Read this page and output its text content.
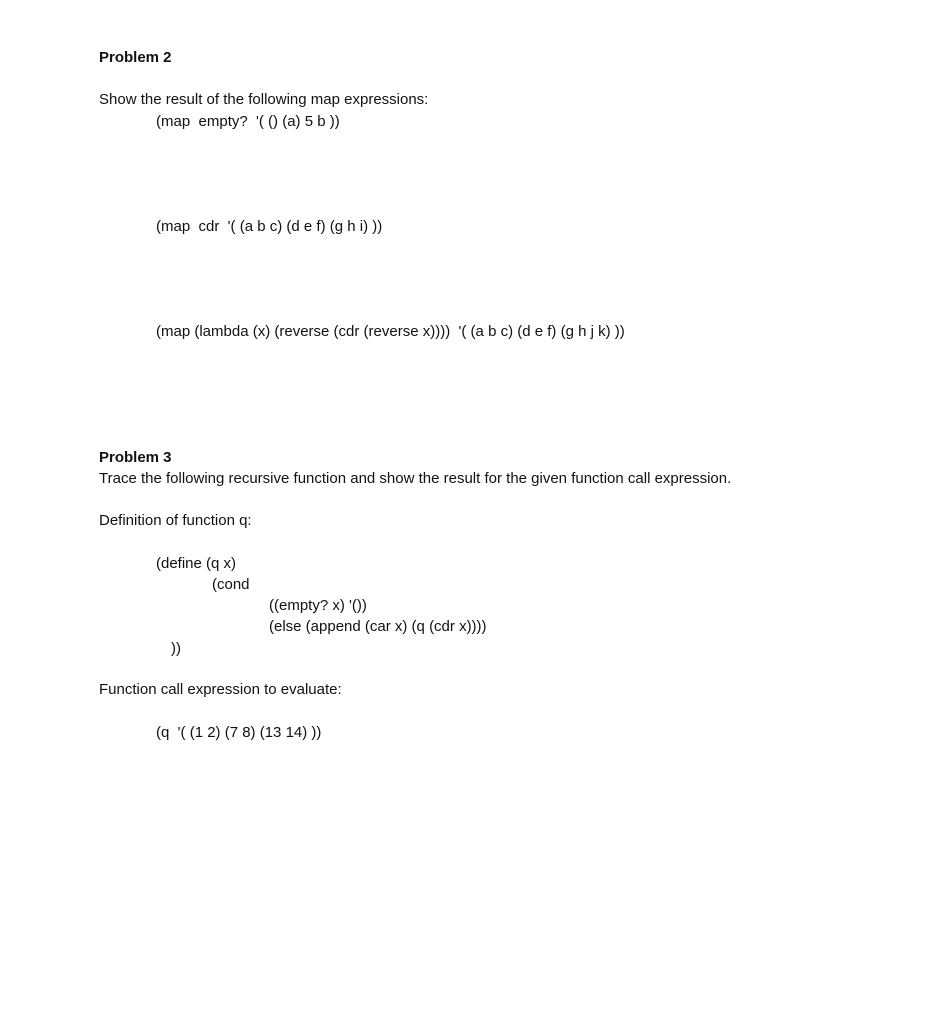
Problem 2
Show the result of the following map expressions:
(map  empty?  '( () (a) 5 b ))
(map  cdr  '( (a b c) (d e f) (g h i) ))
(map (lambda (x) (reverse (cdr (reverse x))))  '( (a b c) (d e f) (g h j k) ))
Problem 3
Trace the following recursive function and show the result for the given function call expression.
Definition of function q:
(define (q x)
(cond
((empty? x) '())
(else (append (car x) (q (cdr x))))
))
Function call expression to evaluate:
(q  '( (1 2) (7 8) (13 14) ))
